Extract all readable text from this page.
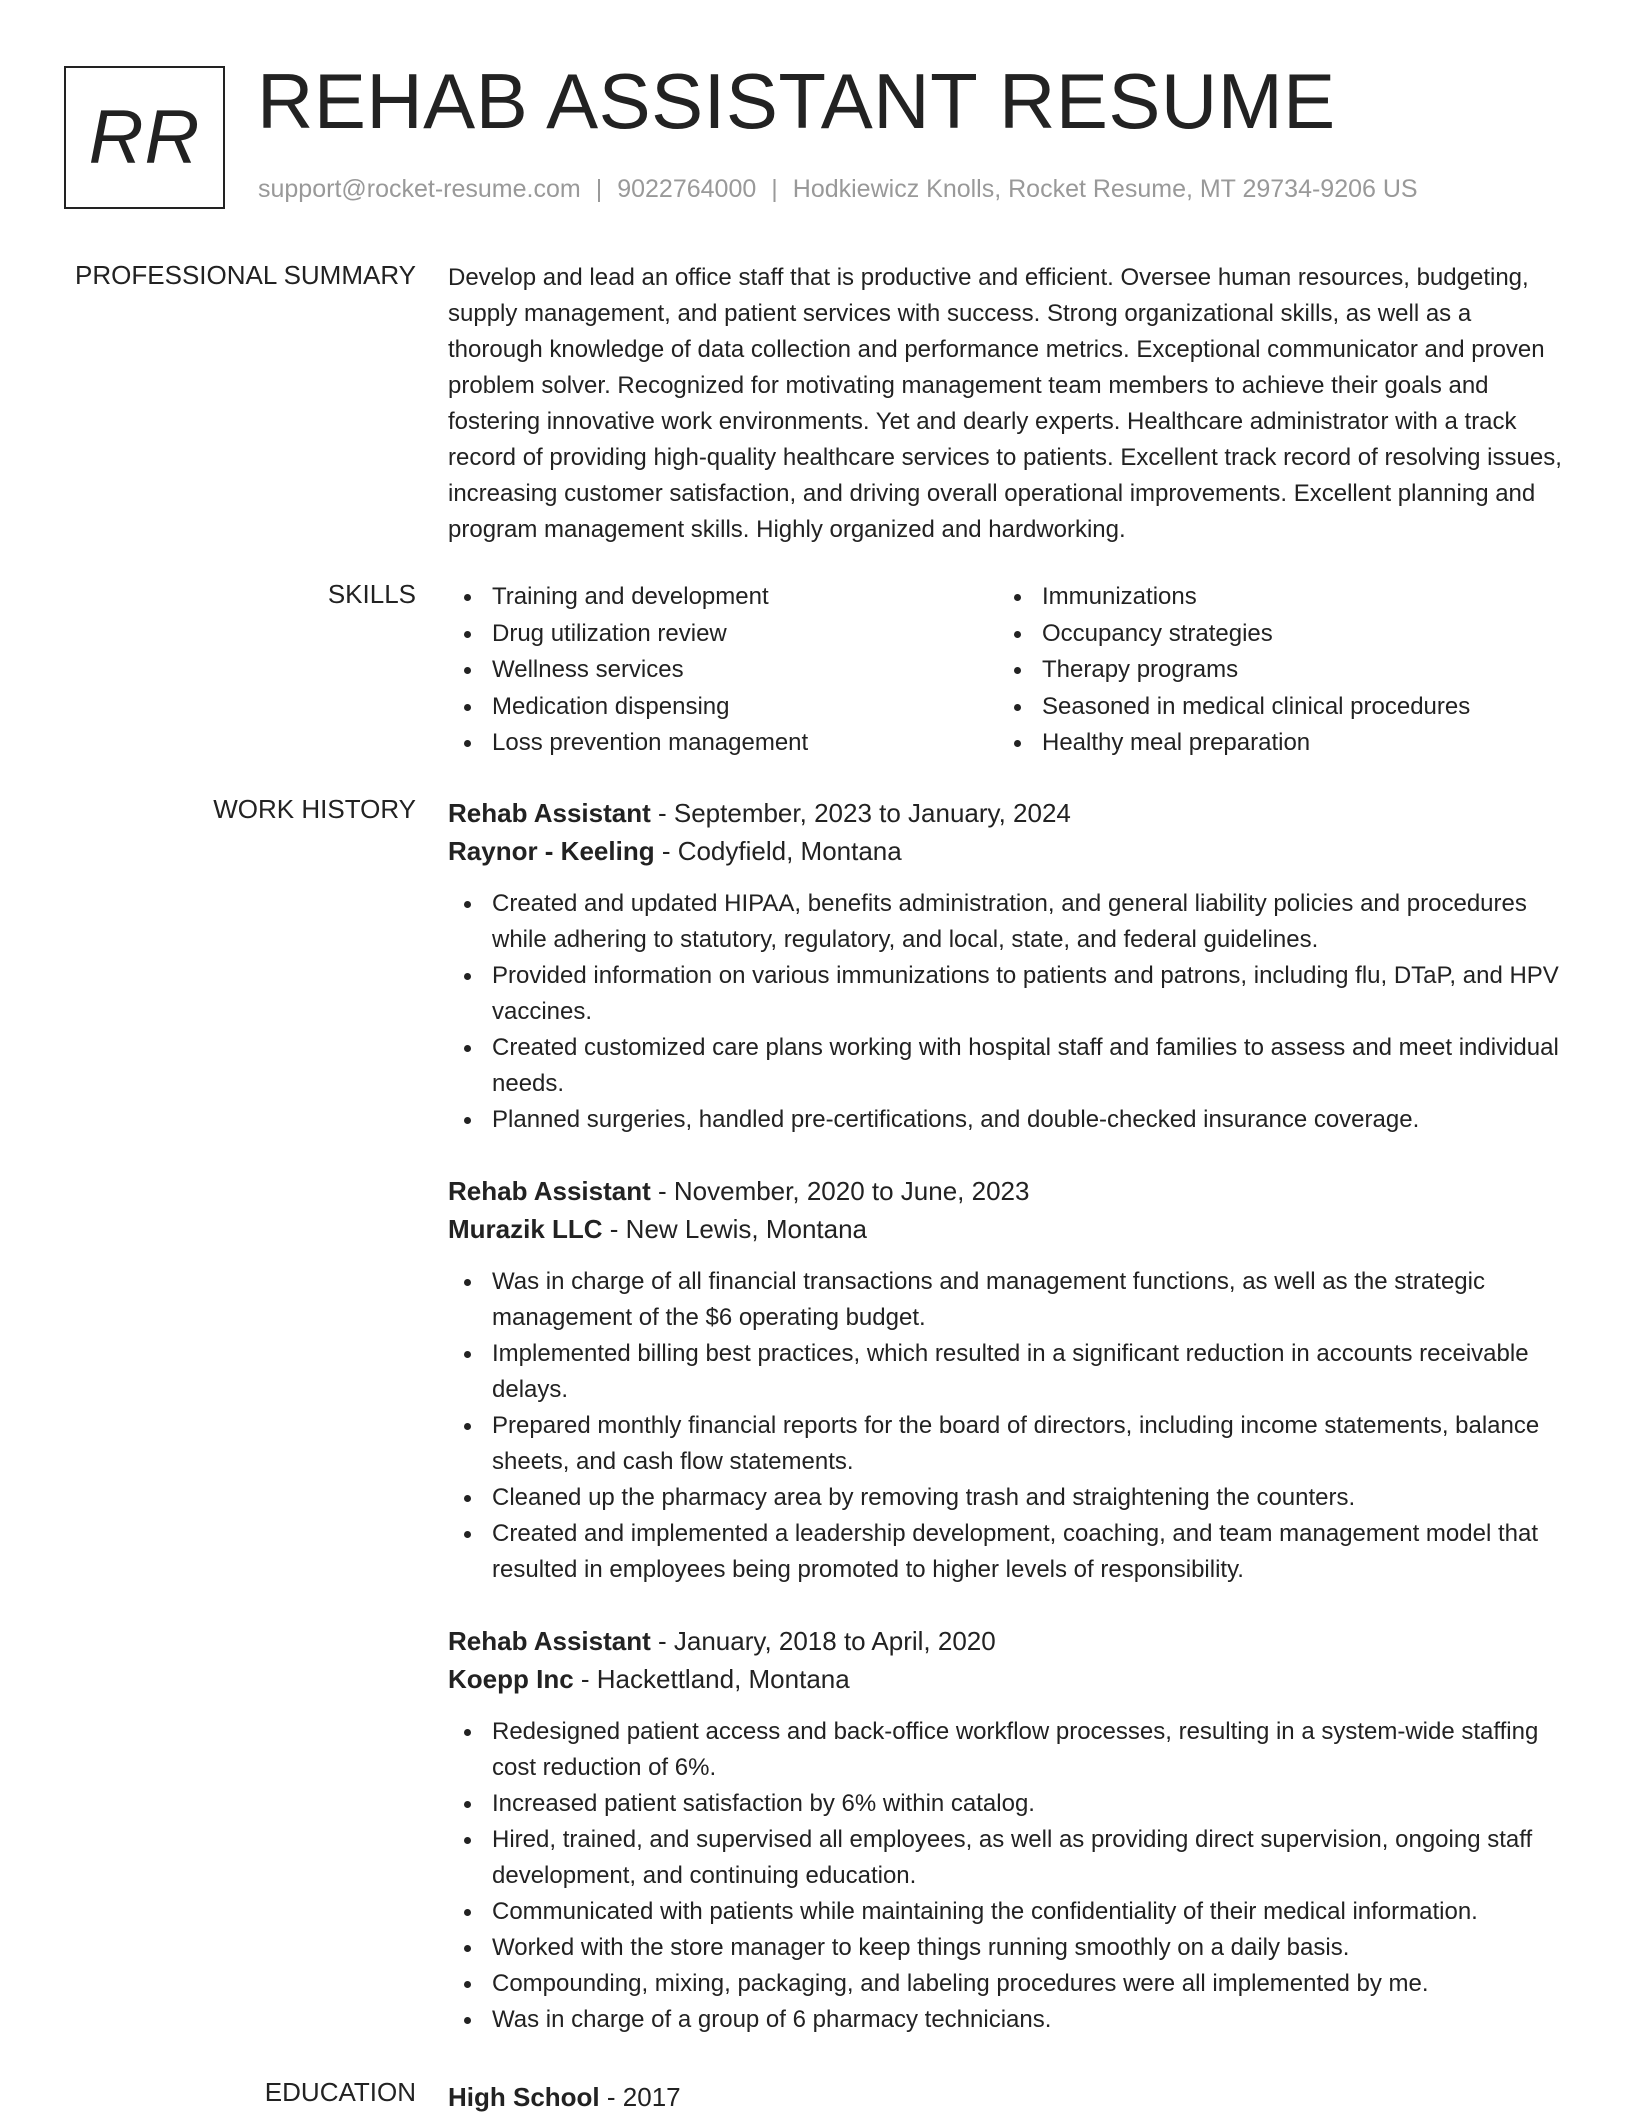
RR REHAB ASSISTANT RESUME
support@rocket-resume.com | 9022764000 | Hodkiewicz Knolls, Rocket Resume, MT 29734-9206 US
PROFESSIONAL SUMMARY Develop and lead an office staff that is productive and efficient. Oversee human resources, budgeting, supply management, and patient services with success. Strong organizational skills, as well as a thorough knowledge of data collection and performance metrics. Exceptional communicator and proven problem solver. Recognized for motivating management team members to achieve their goals and fostering innovative work environments. Yet and dearly experts. Healthcare administrator with a track record of providing high-quality healthcare services to patients. Excellent track record of resolving issues, increasing customer satisfaction, and driving overall operational improvements. Excellent planning and program management skills. Highly organized and hardworking.
SKILLS	Training and development
Drug utilization review
Wellness services
Medication dispensing
Loss prevention management
Immunizations
Occupancy strategies
Therapy programs
Seasoned in medical clinical procedures
Healthy meal preparation
WORK HISTORY Rehab Assistant - September, 2023 to January, 2024
Raynor - Keeling - Codyfield, Montana
Created and updated HIPAA, benefits administration, and general liability policies and procedures while adhering to statutory, regulatory, and local, state, and federal guidelines.
Provided information on various immunizations to patients and patrons, including flu, DTaP, and HPV vaccines.
Created customized care plans working with hospital staff and families to assess and meet individual needs.
Planned surgeries, handled pre-certifications, and double-checked insurance coverage.
Rehab Assistant - November, 2020 to June, 2023
Murazik LLC - New Lewis, Montana
Was in charge of all financial transactions and management functions, as well as the strategic management of the $6 operating budget.
Implemented billing best practices, which resulted in a significant reduction in accounts receivable delays.
Prepared monthly financial reports for the board of directors, including income statements, balance sheets, and cash flow statements.
Cleaned up the pharmacy area by removing trash and straightening the counters.
Created and implemented a leadership development, coaching, and team management model that resulted in employees being promoted to higher levels of responsibility.
Rehab Assistant - January, 2018 to April, 2020
Koepp Inc - Hackettland, Montana
Redesigned patient access and back-office workflow processes, resulting in a system-wide staffing cost reduction of 6%.
Increased patient satisfaction by 6% within catalog.
Hired, trained, and supervised all employees, as well as providing direct supervision, ongoing staff development, and continuing education.
Communicated with patients while maintaining the confidentiality of their medical information.
Worked with the store manager to keep things running smoothly on a daily basis.
Compounding, mixing, packaging, and labeling procedures were all implemented by me.
Was in charge of a group of 6 pharmacy technicians.
EDUCATION High School - 2017
